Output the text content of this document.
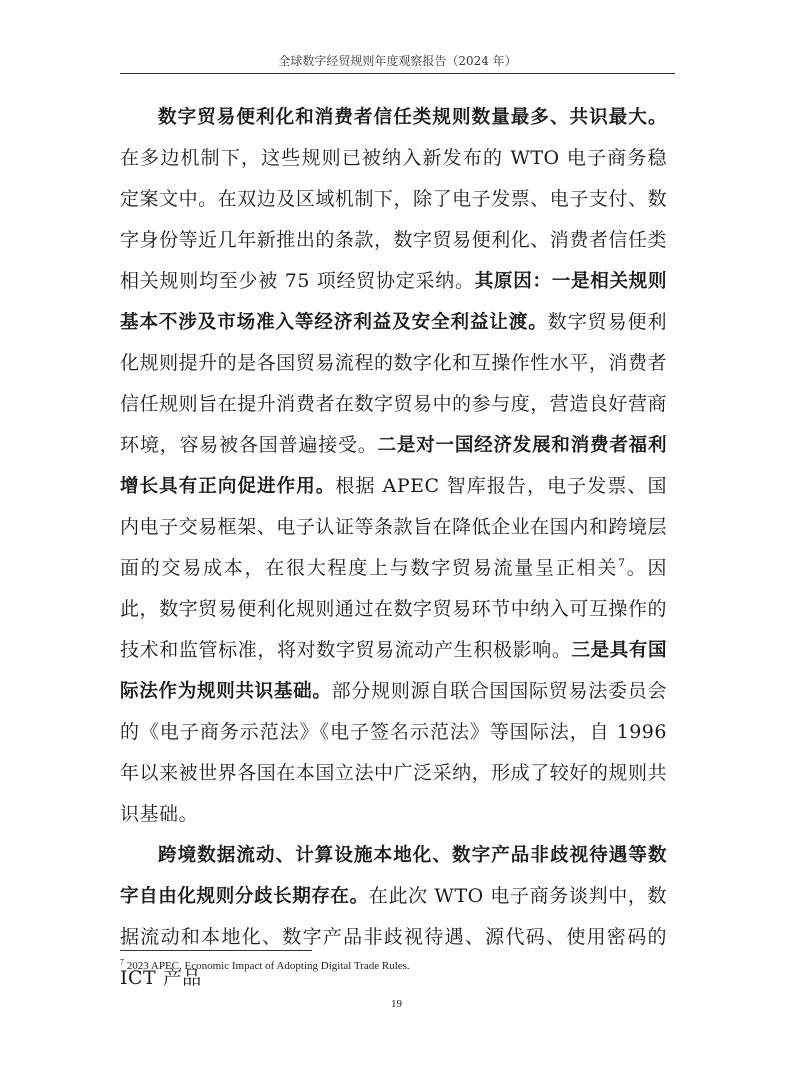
全球数字经贸规则年度观察报告（2024 年）

数字贸易便利化和消费者信任类规则数量最多、共识最大。在多边机制下，这些规则已被纳入新发布的 WTO 电子商务稳定案文中。在双边及区域机制下，除了电子发票、电子支付、数字身份等近几年新推出的条款，数字贸易便利化、消费者信任类相关规则均至少被 75 项经贸协定采纳。其原因：一是相关规则基本不涉及市场准入等经济利益及安全利益让渡。数字贸易便利化规则提升的是各国贸易流程的数字化和互操作性水平，消费者信任规则旨在提升消费者在数字贸易中的参与度，营造良好营商环境，容易被各国普遍接受。二是对一国经济发展和消费者福利增长具有正向促进作用。根据 APEC 智库报告，电子发票、国内电子交易框架、电子认证等条款旨在降低企业在国内和跨境层面的交易成本，在很大程度上与数字贸易流量呈正相关$^7$。因此，数字贸易便利化规则通过在数字贸易环节中纳入可互操作的技术和监管标准，将对数字贸易流动产生积极影响。三是具有国际法作为规则共识基础。部分规则源自联合国国际贸易法委员会的《电子商务示范法》《电子签名示范法》等国际法，自 1996 年以来被世界各国在本国立法中广泛采纳，形成了较好的规则共识基础。

跨境数据流动、计算设施本地化、数字产品非歧视待遇等数字自由化规则分歧长期存在。在此次 WTO 电子商务谈判中，数据流动和本地化、数字产品非歧视待遇、源代码、使用密码的 ICT 产品

$^7$ 2023 APEC, Economic Impact of Adopting Digital Trade Rules.
19
